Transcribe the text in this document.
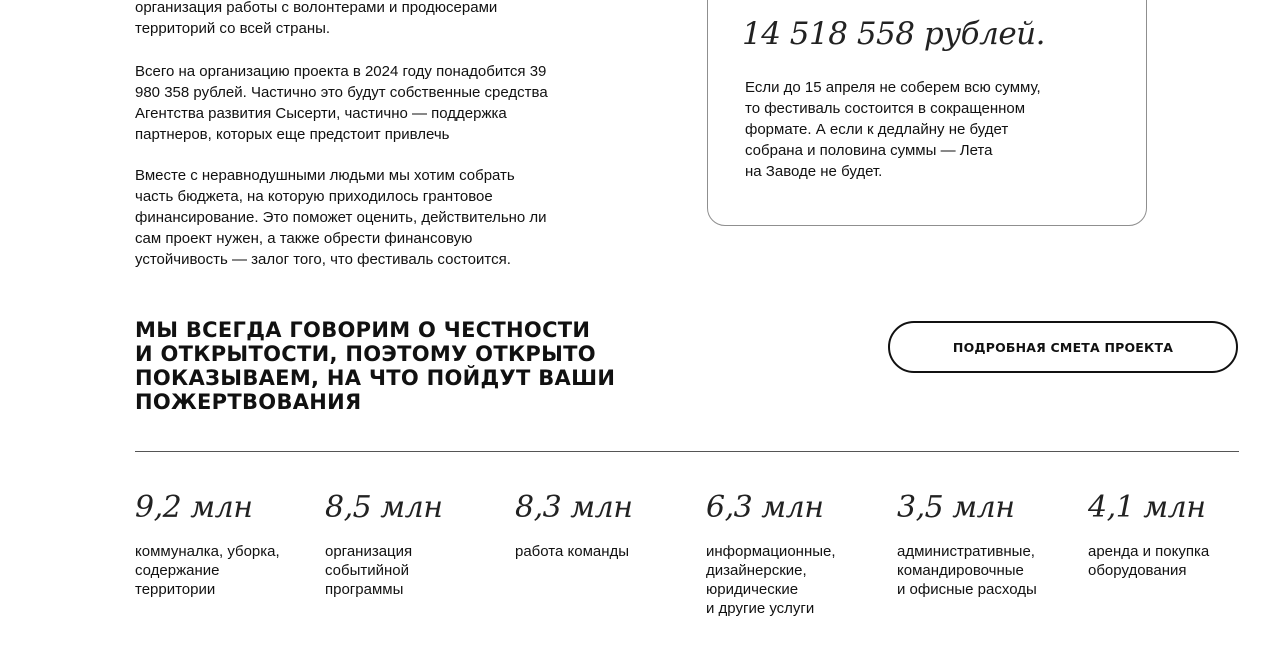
организация работы с волонтерами и продюсерами
территорий со всей страны.

Всего на организацию проекта в 2024 году понадобится 39
980 358 рублей. Частично это будут собственные средства
Агентства развития Сысерти, частично — поддержка
партнеров, которых еще предстоит привлечь

Вместе с неравнодушными людьми мы хотим собрать
часть бюджета, на которую приходилось грантовое
финансирование. Это поможет оценить, действительно ли
сам проект нужен, а также обрести финансовую
устойчивость — залог того, что фестиваль состоится.

14 518 558 рублей.

Если до 15 апреля не соберем всю сумму,
то фестиваль состоится в сокращенном
формате. А если к дедлайну не будет
собрана и половина суммы — Лета
на Заводе не будет.

МЫ ВСЕГДА ГОВОРИМ О ЧЕСТНОСТИ
И ОТКРЫТОСТИ, ПОЭТОМУ ОТКРЫТО
ПОКАЗЫВАЕМ, НА ЧТО ПОЙДУТ ВАШИ
ПОЖЕРТВОВАНИЯ
ПОДРОБНАЯ СМЕТА ПРОЕКТА

9,2 млн

коммуналка, уборка,
содержание
территории

8,5 млн

организация
событийной
программы

8,3 млн

работа команды

6,3 млн

информационные,
дизайнерские,
юридические
и другие услуги

3,5 млн

административные,
командировочные
и офисные расходы

4,1 млн

аренда и покупка
оборудования
